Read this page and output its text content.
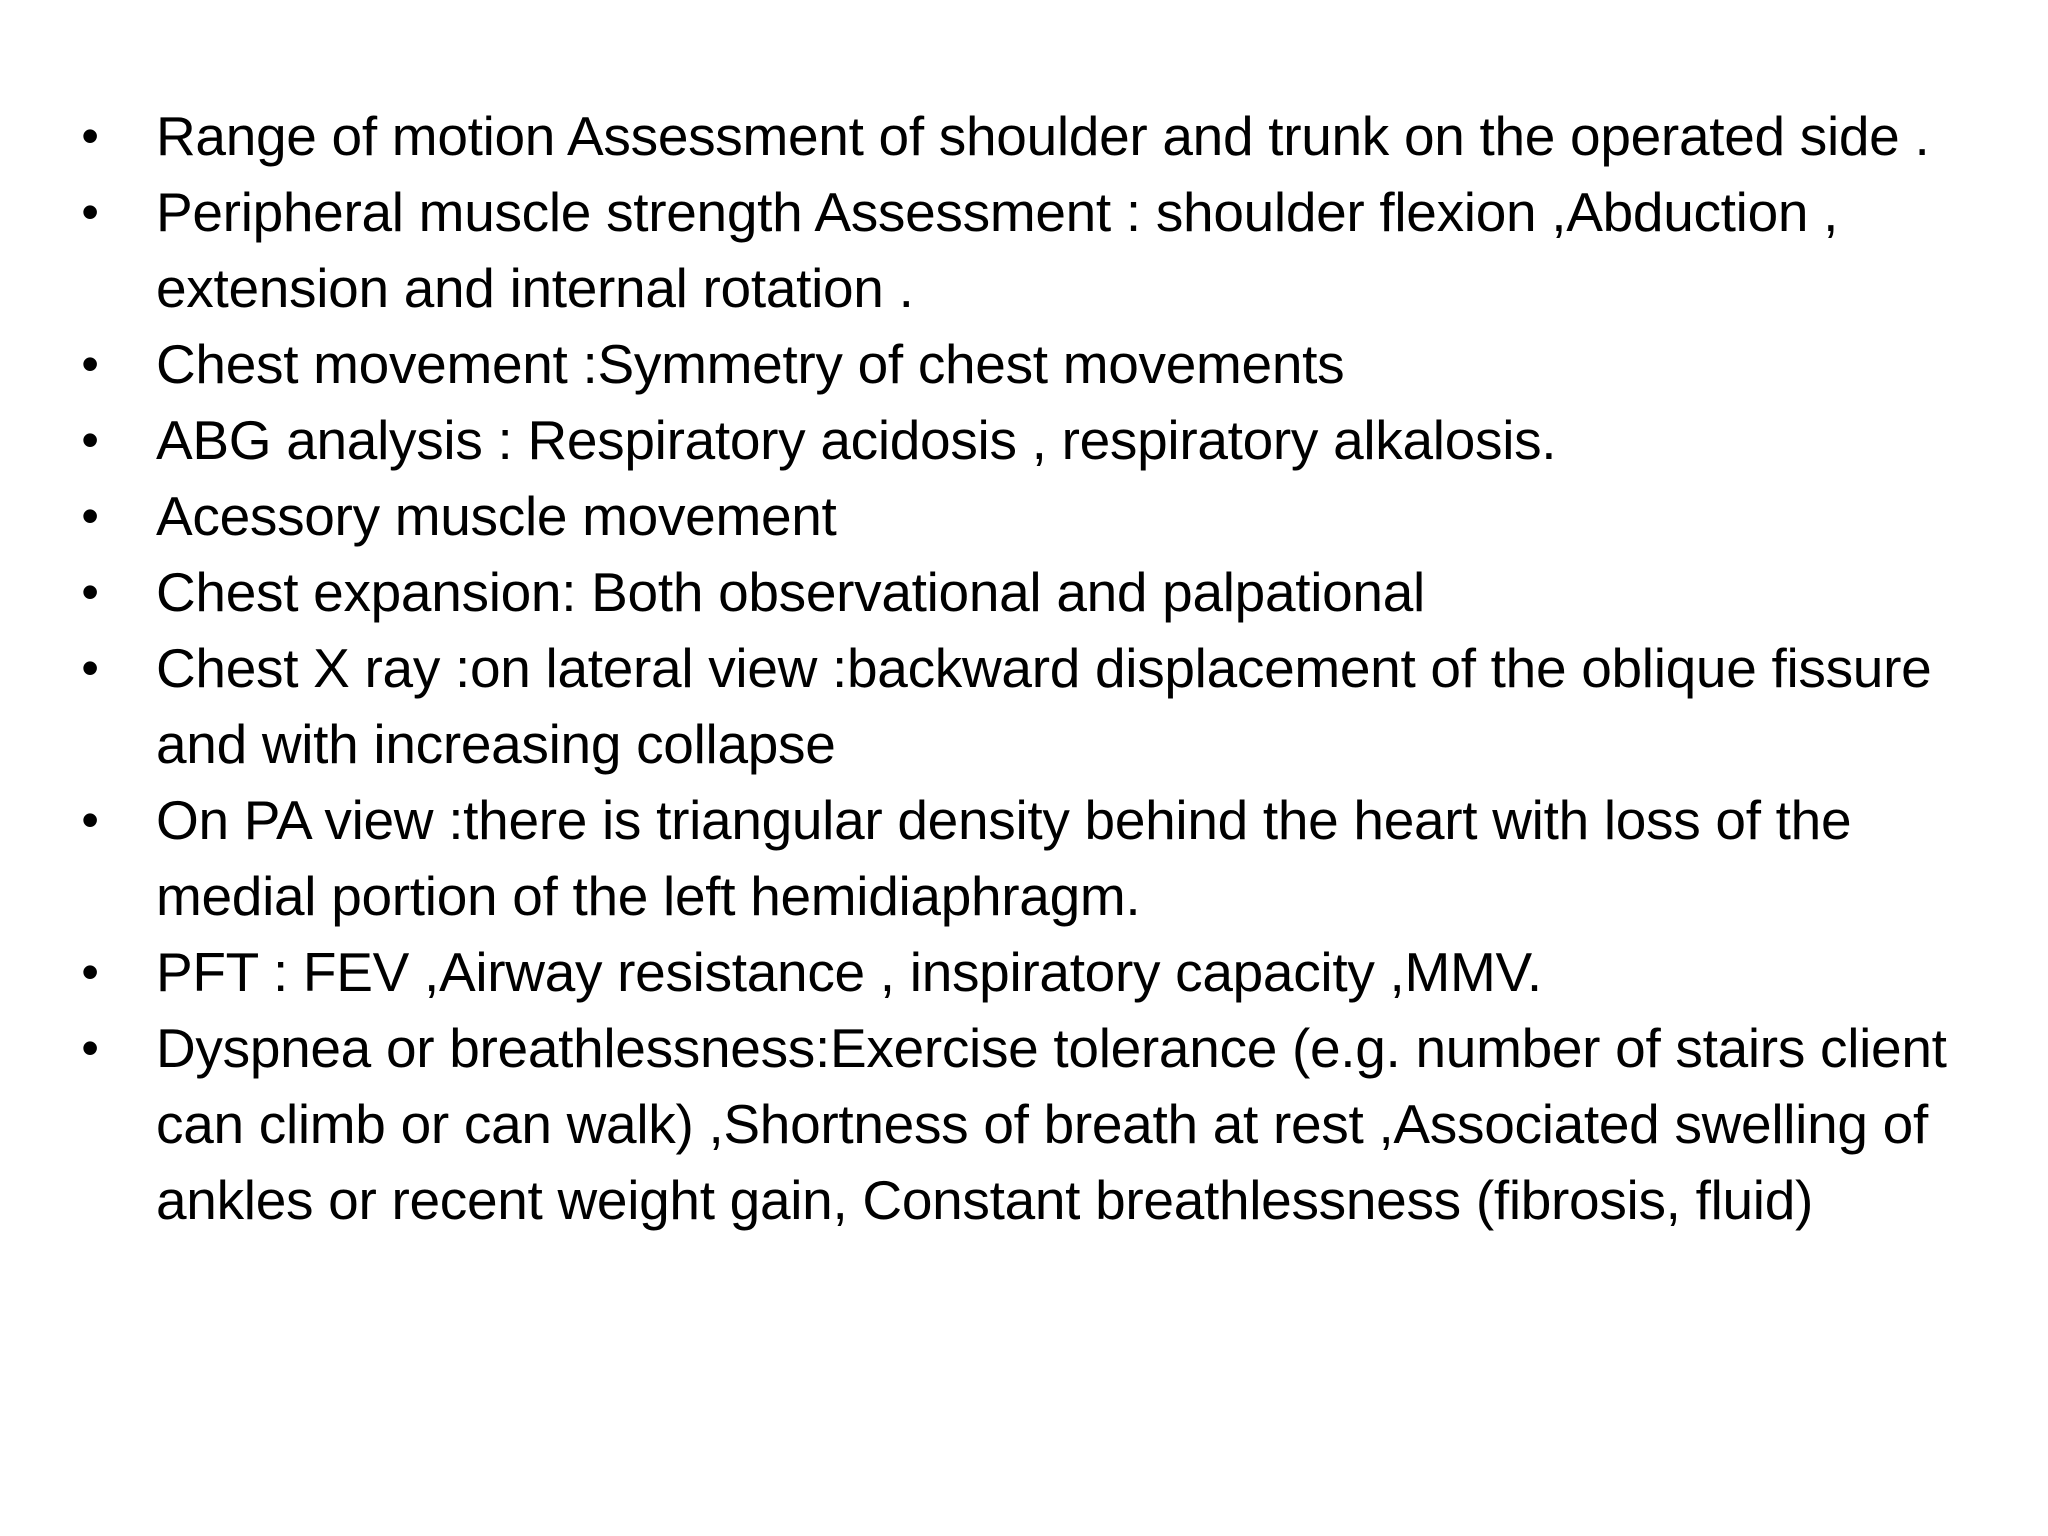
• Range of motion Assessment of shoulder and trunk on the operated side .
• Peripheral muscle strength Assessment : shoulder flexion ,Abduction , extension and internal rotation .
• Chest movement :Symmetry of chest movements
• ABG analysis : Respiratory acidosis , respiratory alkalosis.
• Acessory muscle movement
• Chest expansion: Both observational and palpational
• Chest X ray :on lateral view :backward displacement of the oblique fissure and with increasing collapse
• On PA view :there is triangular density behind the heart with loss of the medial portion of the left hemidiaphragm.
• PFT : FEV ,Airway resistance , inspiratory capacity ,MMV.
• Dyspnea or breathlessness:Exercise tolerance (e.g. number of stairs client can climb or can walk) ,Shortness of breath at rest ,Associated swelling of ankles or recent weight gain, Constant breathlessness (fibrosis, fluid)
